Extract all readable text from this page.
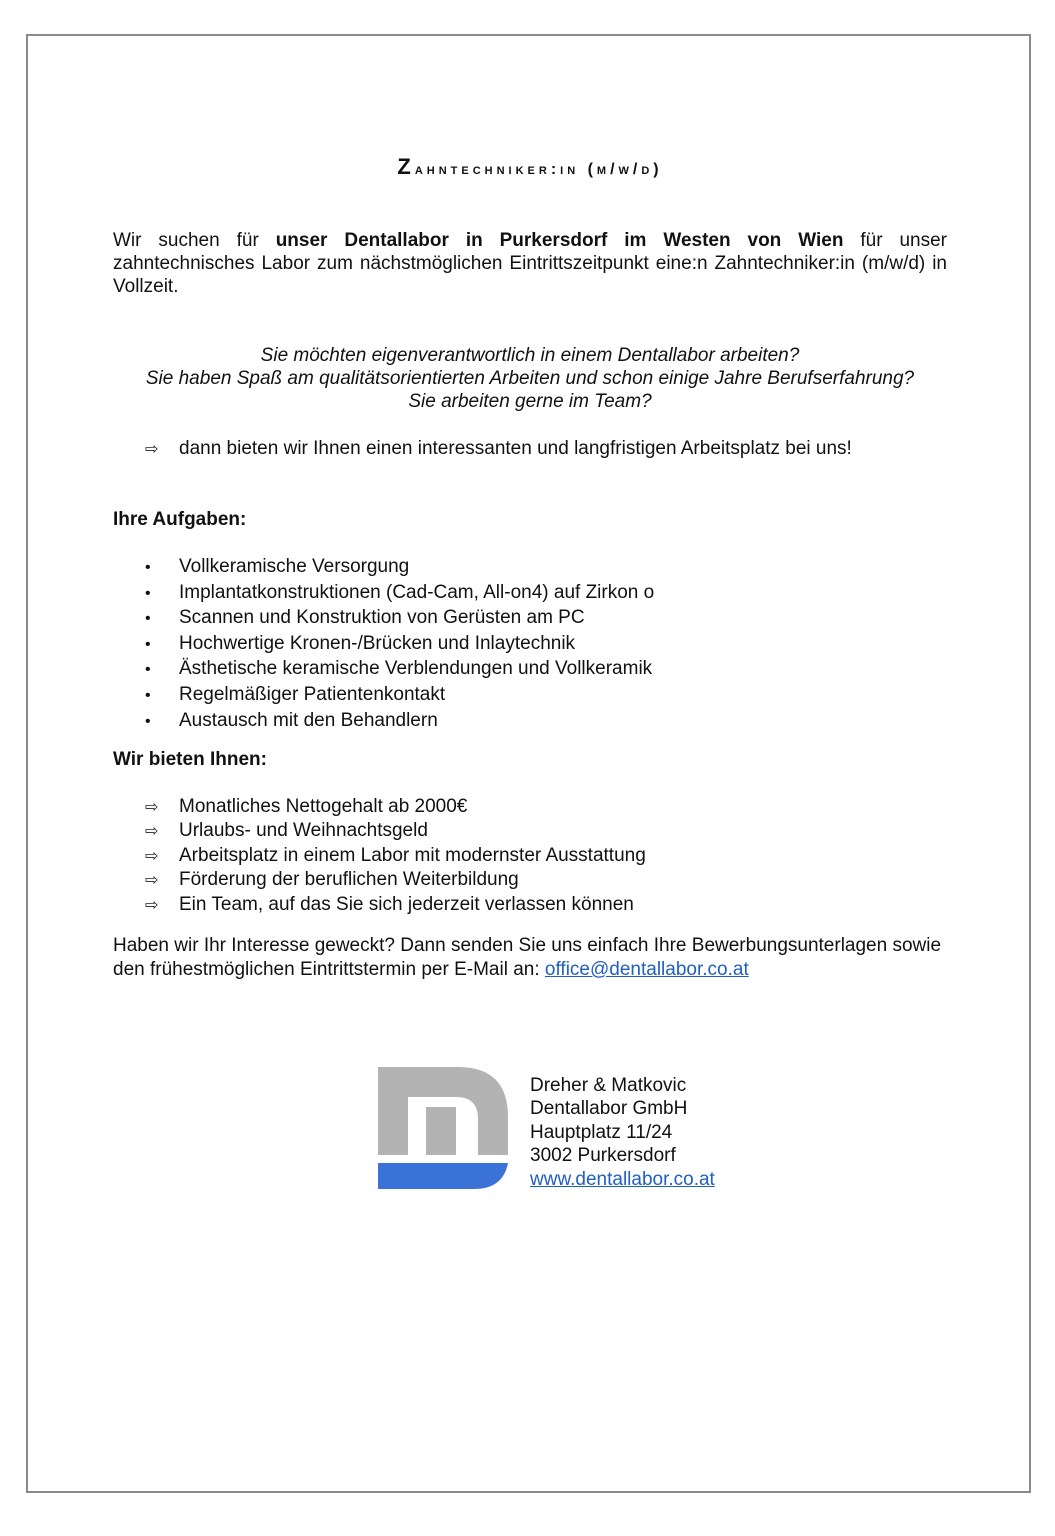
Zahntechniker:in (m/w/d)

Wir suchen für unser Dentallabor in Purkersdorf im Westen von Wien für unser zahntechnisches Labor zum nächstmöglichen Eintrittszeitpunkt eine:n Zahntechniker:in (m/w/d) in Vollzeit.

Sie möchten eigenverantwortlich in einem Dentallabor arbeiten?
Sie haben Spaß am qualitätsorientierten Arbeiten und schon einige Jahre Berufserfahrung?
Sie arbeiten gerne im Team?
⇨ dann bieten wir Ihnen einen interessanten und langfristigen Arbeitsplatz bei uns!
Ihre Aufgaben:
•	Vollkeramische Versorgung
•	Implantatkonstruktionen (Cad-Cam, All-on4) auf Zirkon o
•	Scannen und Konstruktion von Gerüsten am PC
•	Hochwertige Kronen-/Brücken und Inlaytechnik
•	Ästhetische keramische Verblendungen und Vollkeramik
•	Regelmäßiger Patientenkontakt
•	Austausch mit den Behandlern
Wir bieten Ihnen:
⇨	Monatliches Nettogehalt ab 2000€
⇨	Urlaubs- und Weihnachtsgeld
⇨	Arbeitsplatz in einem Labor mit modernster Ausstattung
⇨	Förderung der beruflichen Weiterbildung
⇨	Ein Team, auf das Sie sich jederzeit verlassen können

Haben wir Ihr Interesse geweckt? Dann senden Sie uns einfach Ihre Bewerbungsunterlagen sowie den frühestmöglichen Eintrittstermin per E-Mail an: office@dentallabor.co.at

Dreher & Matkovic
Dentallabor GmbH
Hauptplatz 11/24
3002 Purkersdorf
www.dentallabor.co.at
